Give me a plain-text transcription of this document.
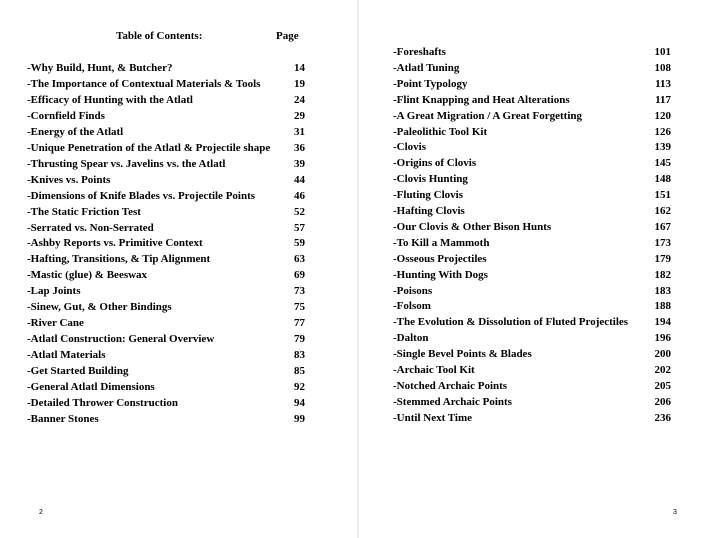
Table of Contents:	Page
-Why Build, Hunt, & Butcher?	14
-The Importance of Contextual Materials & Tools	19
-Efficacy of Hunting with the Atlatl	24
-Cornfield Finds	29
-Energy of the Atlatl	31
-Unique Penetration of the Atlatl & Projectile shape 36
-Thrusting Spear vs. Javelins vs. the Atlatl	39
-Knives vs. Points	44
-Dimensions of Knife Blades vs. Projectile Points	46
-The Static Friction Test	52
-Serrated vs. Non-Serrated	57
-Ashby Reports vs. Primitive Context	59
-Hafting, Transitions, & Tip Alignment	63
-Mastic (glue) & Beeswax	69
-Lap Joints	73
-Sinew, Gut, & Other Bindings	75
-River Cane	77
-Atlatl Construction: General Overview	79
-Atlatl Materials	83
-Get Started Building	85
-General Atlatl Dimensions	92
-Detailed Thrower Construction	94
-Banner Stones	99
2
-Foreshafts	101
-Atlatl Tuning	108
-Point Typology	113
-Flint Knapping and Heat Alterations	117
-A Great Migration / A Great Forgetting	120
-Paleolithic Tool Kit	126
-Clovis	139
-Origins of Clovis	145
-Clovis Hunting	148
-Fluting Clovis	151
-Hafting Clovis	162
-Our Clovis & Other Bison Hunts	167
-To Kill a Mammoth	173
-Osseous Projectiles	179
-Hunting With Dogs	182
-Poisons	183
-Folsom	188
-The Evolution & Dissolution of Fluted Projectiles 194
-Dalton	196
-Single Bevel Points & Blades	200
-Archaic Tool Kit	202
-Notched Archaic Points	205
-Stemmed Archaic Points	206
-Until Next Time	236
3
